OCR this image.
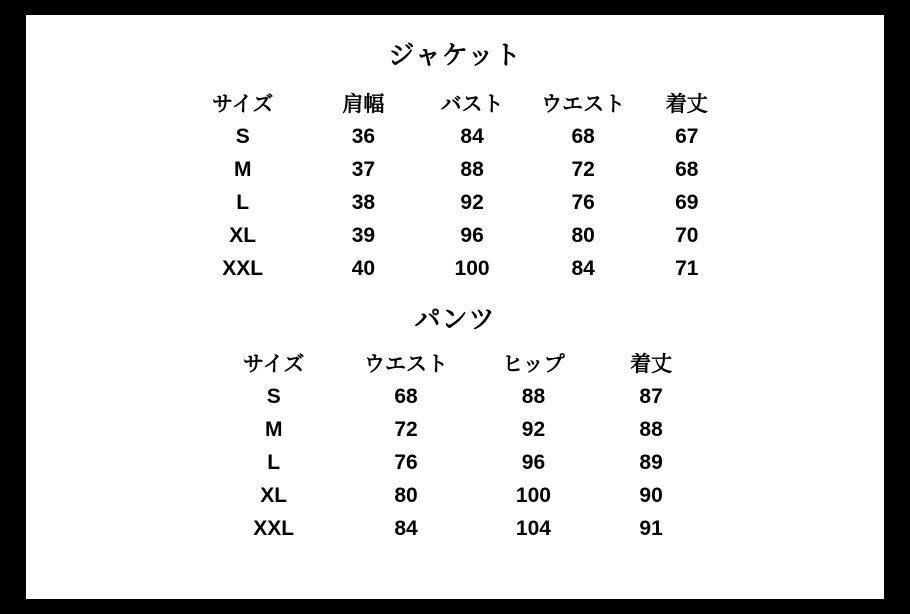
ジャケット
サイズ	肩幅	バスト	ウエスト	着丈
S	36	84	68	67
M	37	88	72	68
L	38	92	76	69
XL	39	96	80	70
XXL	40	100	84	71
パンツ
サイズ	ウエスト	ヒップ	着丈
S	68	88	87
M	72	92	88
L	76	96	89
XL	80	100	90
XXL	84	104	91
